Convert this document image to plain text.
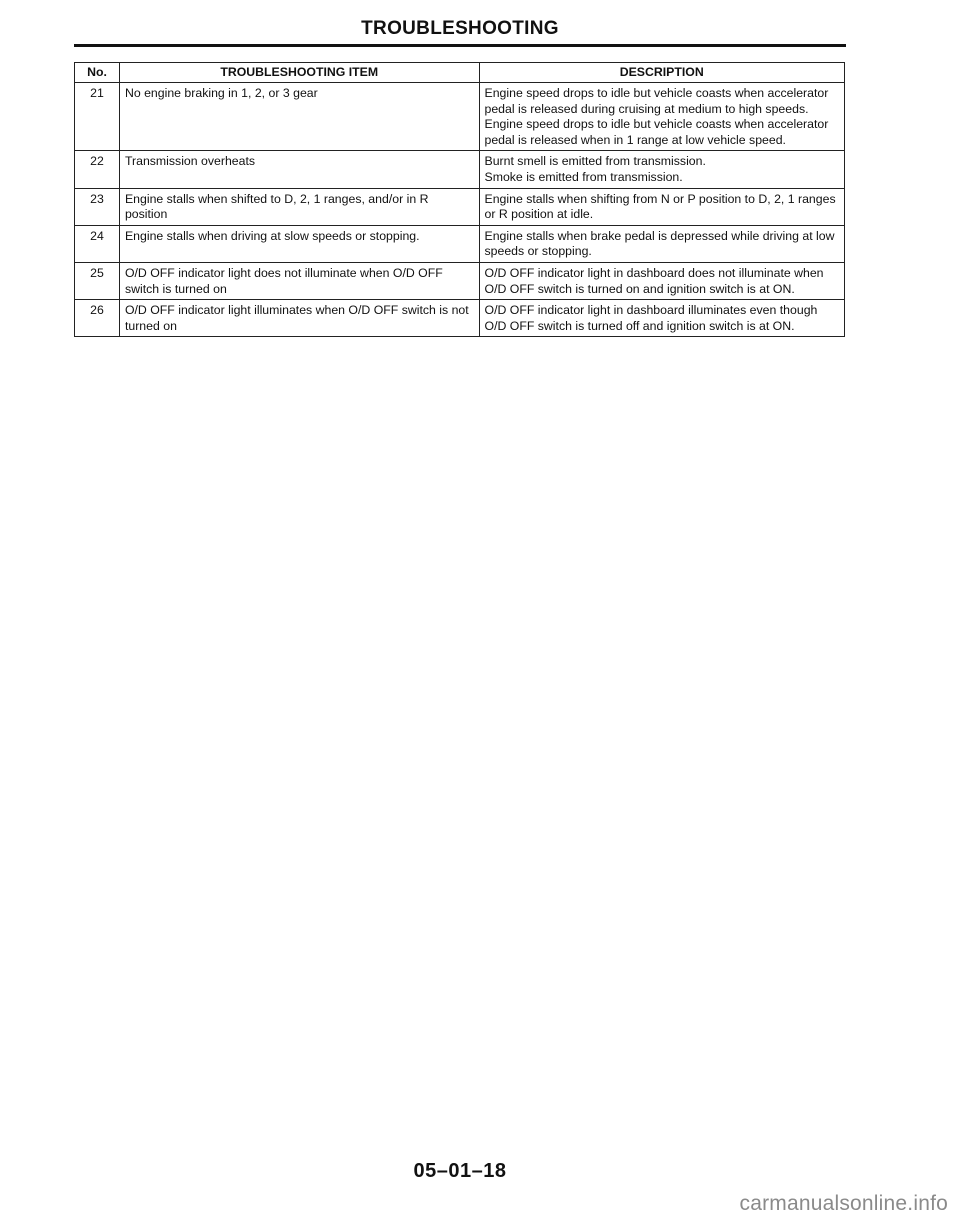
TROUBLESHOOTING
No.	TROUBLESHOOTING ITEM	DESCRIPTION
21	No engine braking in 1, 2, or 3 gear	Engine speed drops to idle but vehicle coasts when accelerator pedal is released during cruising at medium to high speeds.
Engine speed drops to idle but vehicle coasts when accelerator pedal is released when in 1 range at low vehicle speed.

22	Transmission overheats	Burnt smell is emitted from transmission.
Smoke is emitted from transmission.

23	Engine stalls when shifted to D, 2, 1 ranges, and/or in R position	Engine stalls when shifting from N or P position to D, 2, 1 ranges or R position at idle.

24	Engine stalls when driving at slow speeds or stopping.	Engine stalls when brake pedal is depressed while driving at low speeds or stopping.

25	O/D OFF indicator light does not illuminate when O/D OFF switch is turned on	O/D OFF indicator light in dashboard does not illuminate when O/D OFF switch is turned on and ignition switch is at ON.

26	O/D OFF indicator light illuminates when O/D OFF switch is not turned on	O/D OFF indicator light in dashboard illuminates even though O/D OFF switch is turned off and ignition switch is at ON.
05–01–18
carmanualsonline.info
